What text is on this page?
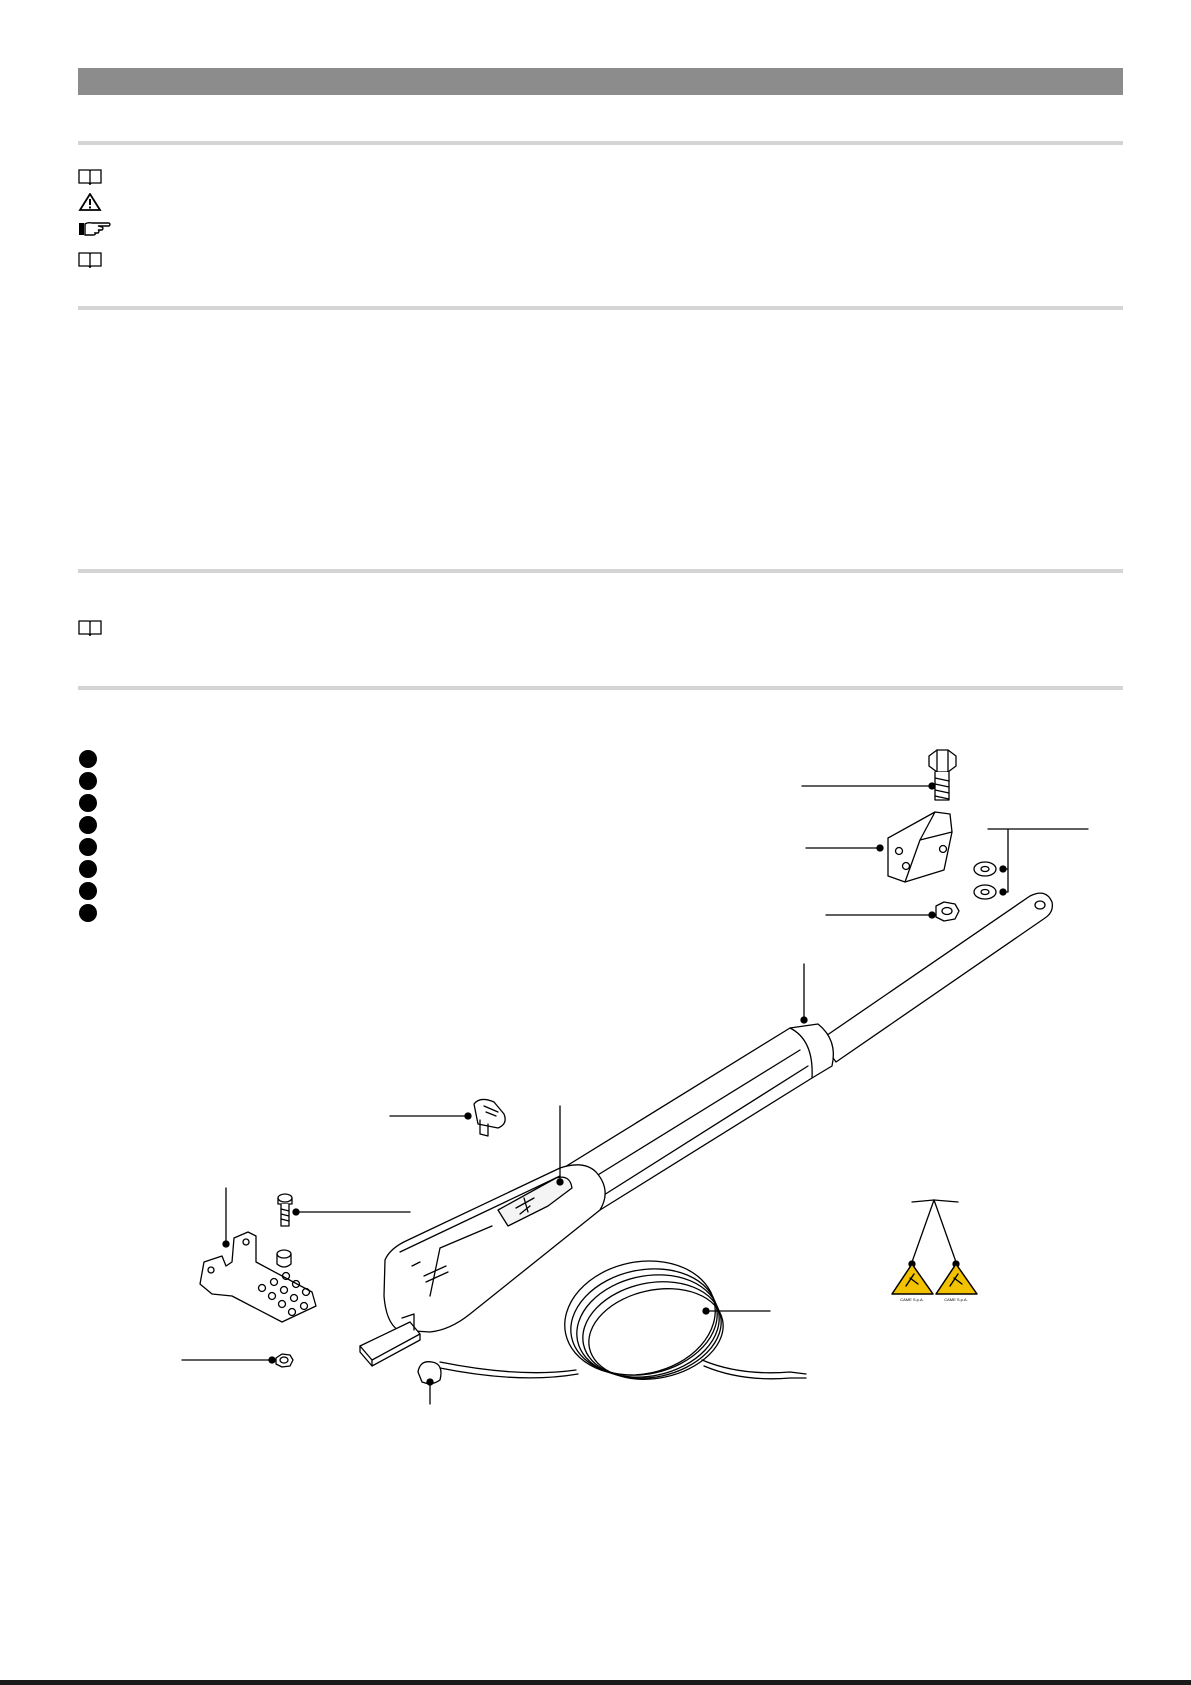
CAME S.p.A.	CAME S.p.A.
